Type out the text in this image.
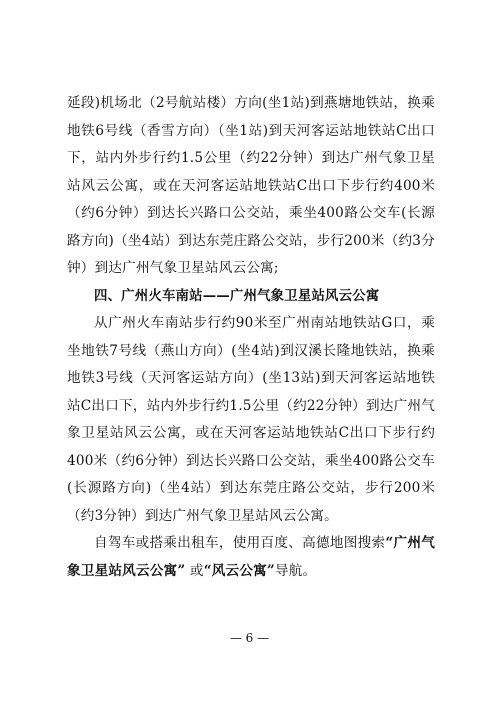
延段)机场北（2号航站楼）方向(坐1站)到燕塘地铁站，换乘地铁6号线（香雪方向）（坐1站)到天河客运站地铁站C出口下，站内外步行约1.5公里（约22分钟）到达广州气象卫星站风云公寓，或在天河客运站地铁站C出口下步行约400米（约6分钟）到达长兴路口公交站，乘坐400路公交车(长源路方向)（坐4站）到达东莞庄路公交站，步行200米（约3分钟）到达广州气象卫星站风云公寓;

四、广州火车南站——广州气象卫星站风云公寓

从广州火车南站步行约90米至广州南站地铁站G口，乘坐地铁7号线（燕山方向）(坐4站)到汉溪长隆地铁站，换乘地铁3号线（天河客运站方向）(坐13站)到天河客运站地铁站C出口下，站内外步行约1.5公里（约22分钟）到达广州气象卫星站风云公寓，或在天河客运站地铁站C出口下步行约400米（约6分钟）到达长兴路口公交站，乘坐400路公交车(长源路方向)（坐4站）到达东莞庄路公交站，步行200米（约3分钟）到达广州气象卫星站风云公寓。

自驾车或搭乘出租车，使用百度、高德地图搜索“广州气象卫星站风云公寓” 或“风云公寓”导航。

— 6 —
